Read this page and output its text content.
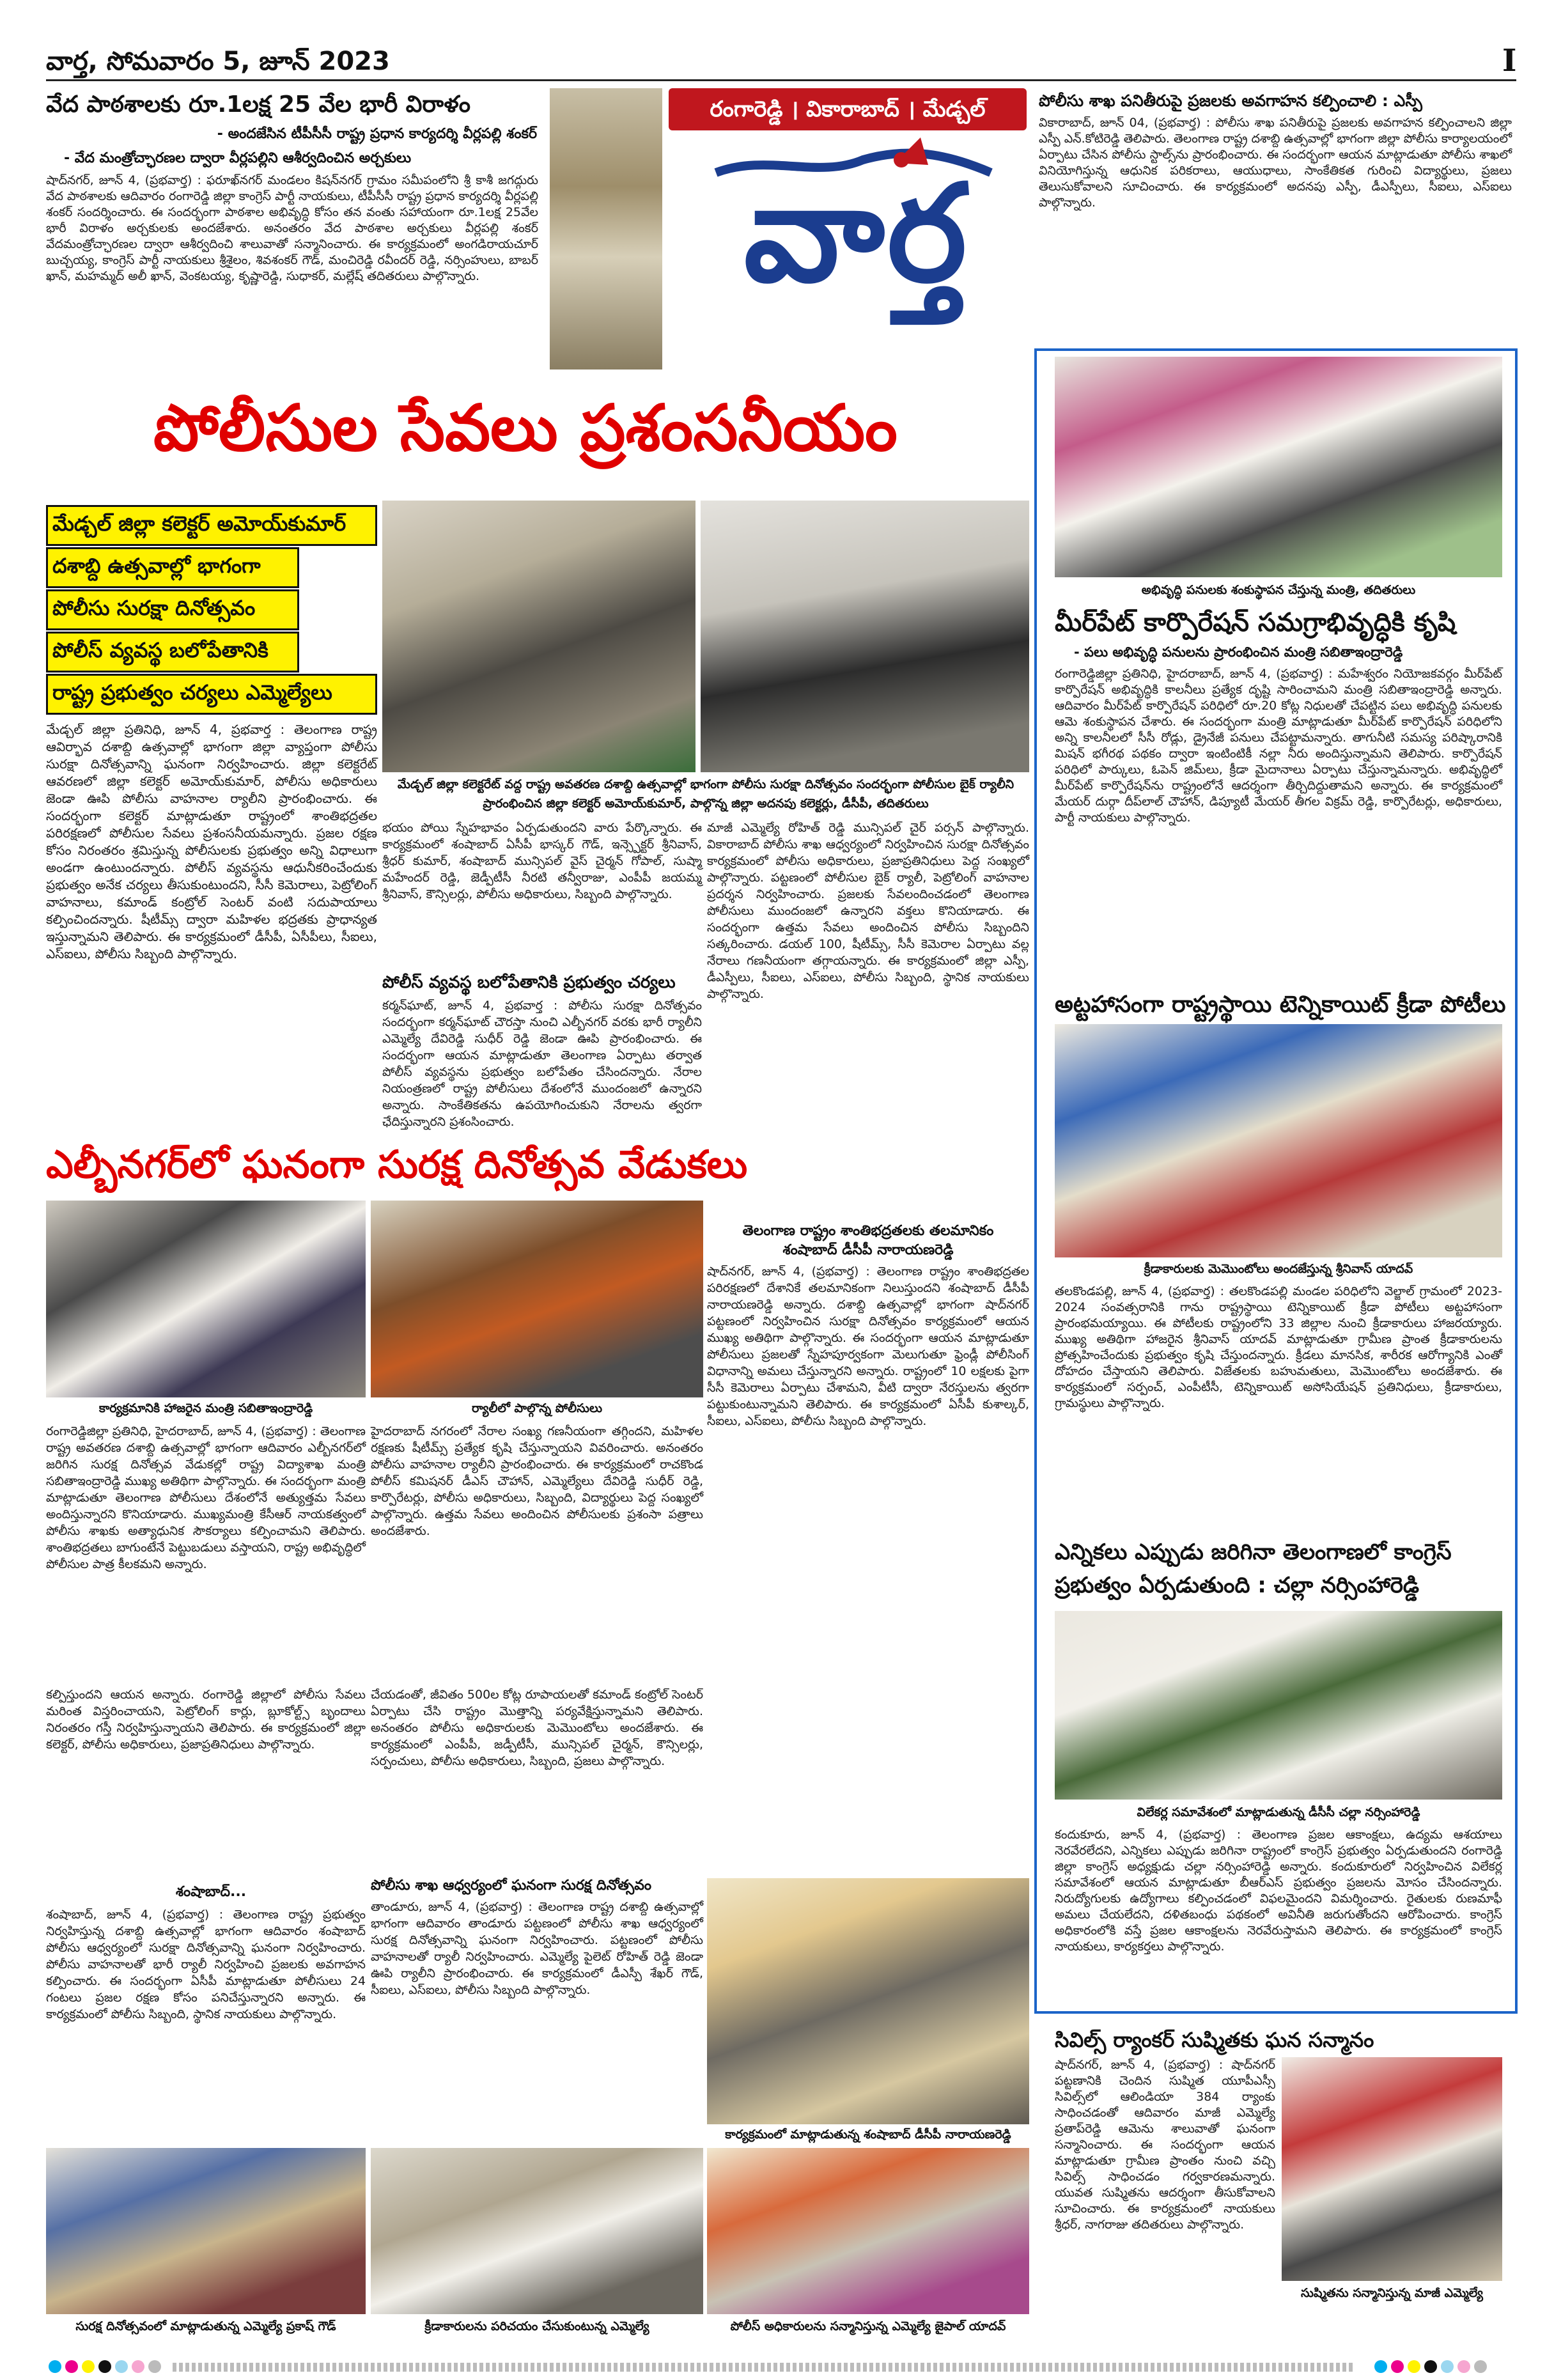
వార్త, సోమవారం 5, జూన్ 2023	I
వేద పాఠశాలకు రూ.1లక్ష 25 వేల భారీ విరాళం
- అందజేసిన టీపీసీసీ రాష్ట్ర ప్రధాన కార్యదర్శి వీర్లపల్లి శంకర్
- వేద మంత్రోచ్ఛారణల ద్వారా వీర్లపల్లిని ఆశీర్వదించిన అర్చకులు
షాద్‌నగర్, జూన్ 4, (ప్రభవార్త) : ఫరూఖ్‌నగర్ మండలం కిషన్‌నగర్ గ్రామం సమీపంలోని శ్రీ కాశీ జగద్గురు వేద పాఠశాలకు ఆదివారం రంగారెడ్డి జిల్లా కాంగ్రెస్ పార్టీ నాయకులు, టీపీసీసీ రాష్ట్ర ప్రధాన కార్యదర్శి వీర్లపల్లి శంకర్ సందర్శించారు. ఈ సందర్భంగా పాఠశాల అభివృద్ధి కోసం తన వంతు సహాయంగా రూ.1లక్ష 25వేల భారీ విరాళం అర్చకులకు అందజేశారు. అనంతరం వేద పాఠశాల అర్చకులు వీర్లపల్లి శంకర్ వేదమంత్రోచ్ఛారణల ద్వారా ఆశీర్వదించి శాలువాతో సన్మానించారు. ఈ కార్యక్రమంలో అంగడిరాయచూర్ బుచ్చయ్య, కాంగ్రెస్ పార్టీ నాయకులు శ్రీశైలం, శివశంకర్ గౌడ్, మంచిరెడ్డి రవీందర్ రెడ్డి, నర్సింహులు, బాబర్ ఖాన్, మహమ్మద్ అలీ ఖాన్, వెంకటయ్య, కృష్ణారెడ్డి, సుధాకర్, మల్లేష్ తదితరులు పాల్గొన్నారు.
రంగారెడ్డి । వికారాబాద్ । మేడ్చల్
వార్త
పోలీసుల సేవలు ప్రశంసనీయం
మేడ్చల్ జిల్లా కలెక్టర్ అమోయ్‌కుమార్
దశాబ్ది ఉత్సవాల్లో భాగంగా
పోలీసు సురక్షా దినోత్సవం
పోలీస్ వ్యవస్థ బలోపేతానికి
రాష్ట్ర ప్రభుత్వం చర్యలు ఎమ్మెల్యేలు
మేడ్చల్ జిల్లా ప్రతినిధి, జూన్ 4, ప్రభవార్త : తెలంగాణ రాష్ట్ర ఆవిర్భావ దశాబ్ది ఉత్సవాల్లో భాగంగా జిల్లా వ్యాప్తంగా పోలీసు సురక్షా దినోత్సవాన్ని ఘనంగా నిర్వహించారు. జిల్లా కలెక్టరేట్ ఆవరణలో జిల్లా కలెక్టర్ అమోయ్‌కుమార్, పోలీసు అధికారులు జెండా ఊపి పోలీసు వాహనాల ర్యాలీని ప్రారంభించారు. ఈ సందర్భంగా కలెక్టర్ మాట్లాడుతూ రాష్ట్రంలో శాంతిభద్రతల పరిరక్షణలో పోలీసుల సేవలు ప్రశంసనీయమన్నారు. ప్రజల రక్షణ కోసం నిరంతరం శ్రమిస్తున్న పోలీసులకు ప్రభుత్వం అన్ని విధాలుగా అండగా ఉంటుందన్నారు. పోలీస్ వ్యవస్థను ఆధునీకరించేందుకు ప్రభుత్వం అనేక చర్యలు తీసుకుంటుందని, సీసీ కెమెరాలు, పెట్రోలింగ్ వాహనాలు, కమాండ్ కంట్రోల్ సెంటర్ వంటి సదుపాయాలు కల్పించిందన్నారు. షీటీమ్స్ ద్వారా మహిళల భద్రతకు ప్రాధాన్యత ఇస్తున్నామని తెలిపారు. ఈ కార్యక్రమంలో డీసీపీ, ఏసీపీలు, సీఐలు, ఎస్ఐలు, పోలీసు సిబ్బంది పాల్గొన్నారు.
మేడ్చల్ జిల్లా కలెక్టరేట్ వద్ద రాష్ట్ర అవతరణ దశాబ్ది ఉత్సవాల్లో భాగంగా పోలీసు సురక్షా దినోత్సవం సందర్భంగా పోలీసుల బైక్ ర్యాలీని ప్రారంభించిన జిల్లా కలెక్టర్ అమోయ్‌కుమార్, పాల్గొన్న జిల్లా అదనపు కలెక్టర్లు, డీసీపీ, తదితరులు
భయం పోయి స్నేహభావం ఏర్పడుతుందని వారు పేర్కొన్నారు. ఈ కార్యక్రమంలో శంషాబాద్ ఏసీపీ భాస్కర్ గౌడ్, ఇన్స్పెక్టర్ శ్రీనివాస్, శ్రీధర్ కుమార్, శంషాబాద్ మున్సిపల్ వైస్ చైర్మన్ గోపాల్, సుష్మా మహేందర్ రెడ్డి, జెడ్పీటీసీ నీరటి తన్వీరాజు, ఎంపీపీ జయమ్మ శ్రీనివాస్, కౌన్సిలర్లు, పోలీసు అధికారులు, సిబ్బంది పాల్గొన్నారు.
పోలీస్ వ్యవస్థ బలోపేతానికి ప్రభుత్వం చర్యలు
కర్మన్‌ఘాట్, జూన్ 4, ప్రభవార్త : పోలీసు సురక్షా దినోత్సవం సందర్భంగా కర్మన్‌ఘాట్ చౌరస్తా నుంచి ఎల్బీనగర్ వరకు భారీ ర్యాలీని ఎమ్మెల్యే దేవిరెడ్డి సుధీర్ రెడ్డి జెండా ఊపి ప్రారంభించారు. ఈ సందర్భంగా ఆయన మాట్లాడుతూ తెలంగాణ ఏర్పాటు తర్వాత పోలీస్ వ్యవస్థను ప్రభుత్వం బలోపేతం చేసిందన్నారు. నేరాల నియంత్రణలో రాష్ట్ర పోలీసులు దేశంలోనే ముందంజలో ఉన్నారని అన్నారు. సాంకేతికతను ఉపయోగించుకుని నేరాలను త్వరగా ఛేదిస్తున్నారని ప్రశంసించారు.
మాజీ ఎమ్మెల్యే రోహిత్ రెడ్డి మున్సిపల్ చైర్ పర్సన్ పాల్గొన్నారు. వికారాబాద్ పోలీసు శాఖ ఆధ్వర్యంలో నిర్వహించిన సురక్షా దినోత్సవం కార్యక్రమంలో పోలీసు అధికారులు, ప్రజాప్రతినిధులు పెద్ద సంఖ్యలో పాల్గొన్నారు. పట్టణంలో పోలీసుల బైక్ ర్యాలీ, పెట్రోలింగ్ వాహనాల ప్రదర్శన నిర్వహించారు. ప్రజలకు సేవలందించడంలో తెలంగాణ పోలీసులు ముందంజలో ఉన్నారని వక్తలు కొనియాడారు. ఈ సందర్భంగా ఉత్తమ సేవలు అందించిన పోలీసు సిబ్బందిని సత్కరించారు. డయల్ 100, షీటీమ్స్, సీసీ కెమెరాల ఏర్పాటు వల్ల నేరాలు గణనీయంగా తగ్గాయన్నారు. ఈ కార్యక్రమంలో జిల్లా ఎస్పీ, డీఎస్పీలు, సీఐలు, ఎస్ఐలు, పోలీసు సిబ్బంది, స్థానిక నాయకులు పాల్గొన్నారు.
తెలంగాణ రాష్ట్రం శాంతిభద్రతలకు తలమానికం
శంషాబాద్ డీసీపీ నారాయణరెడ్డి
షాద్‌నగర్, జూన్ 4, (ప్రభవార్త) : తెలంగాణ రాష్ట్రం శాంతిభద్రతల పరిరక్షణలో దేశానికే తలమానికంగా నిలుస్తుందని శంషాబాద్ డీసీపీ నారాయణరెడ్డి అన్నారు. దశాబ్ది ఉత్సవాల్లో భాగంగా షాద్‌నగర్ పట్టణంలో నిర్వహించిన సురక్షా దినోత్సవం కార్యక్రమంలో ఆయన ముఖ్య అతిథిగా పాల్గొన్నారు. ఈ సందర్భంగా ఆయన మాట్లాడుతూ పోలీసులు ప్రజలతో స్నేహపూర్వకంగా మెలుగుతూ ఫ్రెండ్లీ పోలీసింగ్ విధానాన్ని అమలు చేస్తున్నారని అన్నారు. రాష్ట్రంలో 10 లక్షలకు పైగా సీసీ కెమెరాలు ఏర్పాటు చేశామని, వీటి ద్వారా నేరస్తులను త్వరగా పట్టుకుంటున్నామని తెలిపారు. ఈ కార్యక్రమంలో ఏసీపీ కుశాల్కర్, సీఐలు, ఎస్ఐలు, పోలీసు సిబ్బంది పాల్గొన్నారు.
ఎల్బీనగర్‌లో ఘనంగా సురక్ష దినోత్సవ వేడుకలు
కార్యక్రమానికి హాజరైన మంత్రి సబితాఇంద్రారెడ్డి	ర్యాలీలో పాల్గొన్న పోలీసులు
రంగారెడ్డిజిల్లా ప్రతినిధి, హైదరాబాద్, జూన్ 4, (ప్రభవార్త) : తెలంగాణ రాష్ట్ర అవతరణ దశాబ్ది ఉత్సవాల్లో భాగంగా ఆదివారం ఎల్బీనగర్‌లో జరిగిన సురక్ష దినోత్సవ వేడుకల్లో రాష్ట్ర విద్యాశాఖ మంత్రి సబితాఇంద్రారెడ్డి ముఖ్య అతిథిగా పాల్గొన్నారు. ఈ సందర్భంగా మంత్రి మాట్లాడుతూ తెలంగాణ పోలీసులు దేశంలోనే అత్యుత్తమ సేవలు అందిస్తున్నారని కొనియాడారు. ముఖ్యమంత్రి కేసీఆర్ నాయకత్వంలో పోలీసు శాఖకు అత్యాధునిక సౌకర్యాలు కల్పించామని తెలిపారు. శాంతిభద్రతలు బాగుంటేనే పెట్టుబడులు వస్తాయని, రాష్ట్ర అభివృద్ధిలో పోలీసుల పాత్ర కీలకమని అన్నారు.
హైదరాబాద్ నగరంలో నేరాల సంఖ్య గణనీయంగా తగ్గిందని, మహిళల రక్షణకు షీటీమ్స్ ప్రత్యేక కృషి చేస్తున్నాయని వివరించారు. అనంతరం పోలీసు వాహనాల ర్యాలీని ప్రారంభించారు. ఈ కార్యక్రమంలో రాచకొండ పోలీస్ కమిషనర్ డీఎస్ చౌహాన్, ఎమ్మెల్యేలు దేవిరెడ్డి సుధీర్ రెడ్డి, కార్పొరేటర్లు, పోలీసు అధికారులు, సిబ్బంది, విద్యార్థులు పెద్ద సంఖ్యలో పాల్గొన్నారు. ఉత్తమ సేవలు అందించిన పోలీసులకు ప్రశంసా పత్రాలు అందజేశారు.
కల్పిస్తుందని ఆయన అన్నారు. రంగారెడ్డి జిల్లాలో పోలీసు సేవలు మరింత విస్తరించాయని, పెట్రోలింగ్ కార్లు, బ్లూకోల్ట్స్ బృందాలు నిరంతరం గస్తీ నిర్వహిస్తున్నాయని తెలిపారు. ఈ కార్యక్రమంలో జిల్లా కలెక్టర్, పోలీసు అధికారులు, ప్రజాప్రతినిధులు పాల్గొన్నారు.
శంషాబాద్...
శంషాబాద్, జూన్ 4, (ప్రభవార్త) : తెలంగాణ రాష్ట్ర ప్రభుత్వం నిర్వహిస్తున్న దశాబ్ది ఉత్సవాల్లో భాగంగా ఆదివారం శంషాబాద్ పోలీసు ఆధ్వర్యంలో సురక్షా దినోత్సవాన్ని ఘనంగా నిర్వహించారు. పోలీసు వాహనాలతో భారీ ర్యాలీ నిర్వహించి ప్రజలకు అవగాహన కల్పించారు. ఈ సందర్భంగా ఏసీపీ మాట్లాడుతూ పోలీసులు 24 గంటలు ప్రజల రక్షణ కోసం పనిచేస్తున్నారని అన్నారు. ఈ కార్యక్రమంలో పోలీసు సిబ్బంది, స్థానిక నాయకులు పాల్గొన్నారు.
చేయడంతో, జీవితం 500ల కోట్ల రూపాయలతో కమాండ్ కంట్రోల్ సెంటర్ ఏర్పాటు చేసి రాష్ట్రం మొత్తాన్ని పర్యవేక్షిస్తున్నామని తెలిపారు. అనంతరం పోలీసు అధికారులకు మెమొంటోలు అందజేశారు. ఈ కార్యక్రమంలో ఎంపీపీ, జడ్పీటీసీ, మున్సిపల్ చైర్మన్, కౌన్సిలర్లు, సర్పంచులు, పోలీసు అధికారులు, సిబ్బంది, ప్రజలు పాల్గొన్నారు.
పోలీసు శాఖ ఆధ్వర్యంలో ఘనంగా సురక్ష దినోత్సవం
తాండూరు, జూన్ 4, (ప్రభవార్త) : తెలంగాణ రాష్ట్ర దశాబ్ది ఉత్సవాల్లో భాగంగా ఆదివారం తాండూరు పట్టణంలో పోలీసు శాఖ ఆధ్వర్యంలో సురక్ష దినోత్సవాన్ని ఘనంగా నిర్వహించారు. పట్టణంలో పోలీసు వాహనాలతో ర్యాలీ నిర్వహించారు. ఎమ్మెల్యే పైలెట్ రోహిత్ రెడ్డి జెండా ఊపి ర్యాలీని ప్రారంభించారు. ఈ కార్యక్రమంలో డీఎస్పీ శేఖర్ గౌడ్, సీఐలు, ఎస్ఐలు, పోలీసు సిబ్బంది పాల్గొన్నారు.
కార్యక్రమంలో మాట్లాడుతున్న శంషాబాద్ డీసీపీ నారాయణరెడ్డి
సురక్ష దినోత్సవంలో మాట్లాడుతున్న ఎమ్మెల్యే ప్రకాష్ గౌడ్	క్రీడాకారులను పరిచయం చేసుకుంటున్న ఎమ్మెల్యే	పోలీస్ అధికారులను సన్మానిస్తున్న ఎమ్మెల్యే జైపాల్ యాదవ్
పోలీసు శాఖ పనితీరుపై ప్రజలకు అవగాహన కల్పించాలి : ఎస్పీ
వికారాబాద్, జూన్ 04, (ప్రభవార్త) : పోలీసు శాఖ పనితీరుపై ప్రజలకు అవగాహన కల్పించాలని జిల్లా ఎస్పీ ఎన్.కోటిరెడ్డి తెలిపారు. తెలంగాణ రాష్ట్ర దశాబ్ది ఉత్సవాల్లో భాగంగా జిల్లా పోలీసు కార్యాలయంలో ఏర్పాటు చేసిన పోలీసు స్టాల్స్‌ను ప్రారంభించారు. ఈ సందర్భంగా ఆయన మాట్లాడుతూ పోలీసు శాఖలో వినియోగిస్తున్న ఆధునిక పరికరాలు, ఆయుధాలు, సాంకేతికత గురించి విద్యార్థులు, ప్రజలు తెలుసుకోవాలని సూచించారు. ఈ కార్యక్రమంలో అదనపు ఎస్పీ, డీఎస్పీలు, సీఐలు, ఎస్ఐలు పాల్గొన్నారు.
అభివృద్ధి పనులకు శంకుస్థాపన చేస్తున్న మంత్రి, తదితరులు
మీర్‌పేట్ కార్పొరేషన్ సమగ్రాభివృద్ధికి కృషి
- పలు అభివృద్ధి పనులను ప్రారంభించిన మంత్రి సబితాఇంద్రారెడ్డి
రంగారెడ్డిజిల్లా ప్రతినిధి, హైదరాబాద్, జూన్ 4, (ప్రభవార్త) : మహేశ్వరం నియోజకవర్గం మీర్‌పేట్ కార్పొరేషన్ అభివృద్ధికి కాలనీలు ప్రత్యేక దృష్టి సారించామని మంత్రి సబితాఇంద్రారెడ్డి అన్నారు. ఆదివారం మీర్‌పేట్ కార్పొరేషన్ పరిధిలో రూ.20 కోట్ల నిధులతో చేపట్టిన పలు అభివృద్ధి పనులకు ఆమె శంకుస్థాపన చేశారు. ఈ సందర్భంగా మంత్రి మాట్లాడుతూ మీర్‌పేట్ కార్పొరేషన్ పరిధిలోని అన్ని కాలనీలలో సీసీ రోడ్లు, డ్రైనేజీ పనులు చేపట్టామన్నారు. తాగునీటి సమస్య పరిష్కారానికి మిషన్ భగీరథ పథకం ద్వారా ఇంటింటికీ నల్లా నీరు అందిస్తున్నామని తెలిపారు. కార్పొరేషన్ పరిధిలో పార్కులు, ఓపెన్ జిమ్‌లు, క్రీడా మైదానాలు ఏర్పాటు చేస్తున్నామన్నారు. అభివృద్ధిలో మీర్‌పేట్ కార్పొరేషన్‌ను రాష్ట్రంలోనే ఆదర్శంగా తీర్చిదిద్దుతామని అన్నారు. ఈ కార్యక్రమంలో మేయర్ దుర్గా దీప్‌లాల్ చౌహాన్, డిప్యూటీ మేయర్ తీగల విక్రమ్ రెడ్డి, కార్పొరేటర్లు, అధికారులు, పార్టీ నాయకులు పాల్గొన్నారు.
అట్టహాసంగా రాష్ట్రస్థాయి టెన్నికాయిట్ క్రీడా పోటీలు
క్రీడాకారులకు మెమొంటోలు అందజేస్తున్న శ్రీనివాస్ యాదవ్
తలకొండపల్లి, జూన్ 4, (ప్రభవార్త) : తలకొండపల్లి మండల పరిధిలోని వెల్జాల్ గ్రామంలో 2023-2024 సంవత్సరానికి గాను రాష్ట్రస్థాయి టెన్నికాయిట్ క్రీడా పోటీలు అట్టహాసంగా ప్రారంభమయ్యాయి. ఈ పోటీలకు రాష్ట్రంలోని 33 జిల్లాల నుంచి క్రీడాకారులు హాజరయ్యారు. ముఖ్య అతిథిగా హాజరైన శ్రీనివాస్ యాదవ్ మాట్లాడుతూ గ్రామీణ ప్రాంత క్రీడాకారులను ప్రోత్సహించేందుకు ప్రభుత్వం కృషి చేస్తుందన్నారు. క్రీడలు మానసిక, శారీరక ఆరోగ్యానికి ఎంతో దోహదం చేస్తాయని తెలిపారు. విజేతలకు బహుమతులు, మెమొంటోలు అందజేశారు. ఈ కార్యక్రమంలో సర్పంచ్, ఎంపీటీసీ, టెన్నికాయిట్ అసోసియేషన్ ప్రతినిధులు, క్రీడాకారులు, గ్రామస్థులు పాల్గొన్నారు.
ఎన్నికలు ఎప్పుడు జరిగినా తెలంగాణలో కాంగ్రెస్ ప్రభుత్వం ఏర్పడుతుంది : చల్లా నర్సింహారెడ్డి
విలేకర్ల సమావేశంలో మాట్లాడుతున్న డీసీసీ చల్లా నర్సింహారెడ్డి
కందుకూరు, జూన్ 4, (ప్రభవార్త) : తెలంగాణ ప్రజల ఆకాంక్షలు, ఉద్యమ ఆశయాలు నెరవేరలేదని, ఎన్నికలు ఎప్పుడు జరిగినా రాష్ట్రంలో కాంగ్రెస్ ప్రభుత్వం ఏర్పడుతుందని రంగారెడ్డి జిల్లా కాంగ్రెస్ అధ్యక్షుడు చల్లా నర్సింహారెడ్డి అన్నారు. కందుకూరులో నిర్వహించిన విలేకర్ల సమావేశంలో ఆయన మాట్లాడుతూ బీఆర్ఎస్ ప్రభుత్వం ప్రజలను మోసం చేసిందన్నారు. నిరుద్యోగులకు ఉద్యోగాలు కల్పించడంలో విఫలమైందని విమర్శించారు. రైతులకు రుణమాఫీ అమలు చేయలేదని, దళితబంధు పథకంలో అవినీతి జరుగుతోందని ఆరోపించారు. కాంగ్రెస్ అధికారంలోకి వస్తే ప్రజల ఆకాంక్షలను నెరవేరుస్తామని తెలిపారు. ఈ కార్యక్రమంలో కాంగ్రెస్ నాయకులు, కార్యకర్తలు పాల్గొన్నారు.
సివిల్స్ ర్యాంకర్ సుష్మితకు ఘన సన్మానం
షాద్‌నగర్, జూన్ 4, (ప్రభవార్త) : షాద్‌నగర్ పట్టణానికి చెందిన సుష్మిత యూపీఎస్సీ సివిల్స్‌లో ఆలిండియా 384 ర్యాంకు సాధించడంతో ఆదివారం మాజీ ఎమ్మెల్యే ప్రతాప్‌రెడ్డి ఆమెను శాలువాతో ఘనంగా సన్మానించారు. ఈ సందర్భంగా ఆయన మాట్లాడుతూ గ్రామీణ ప్రాంతం నుంచి వచ్చి సివిల్స్ సాధించడం గర్వకారణమన్నారు. యువత సుష్మితను ఆదర్శంగా తీసుకోవాలని సూచించారు. ఈ కార్యక్రమంలో నాయకులు శ్రీధర్, నాగరాజు తదితరులు పాల్గొన్నారు.
సుష్మితను సన్మానిస్తున్న మాజీ ఎమ్మెల్యే
